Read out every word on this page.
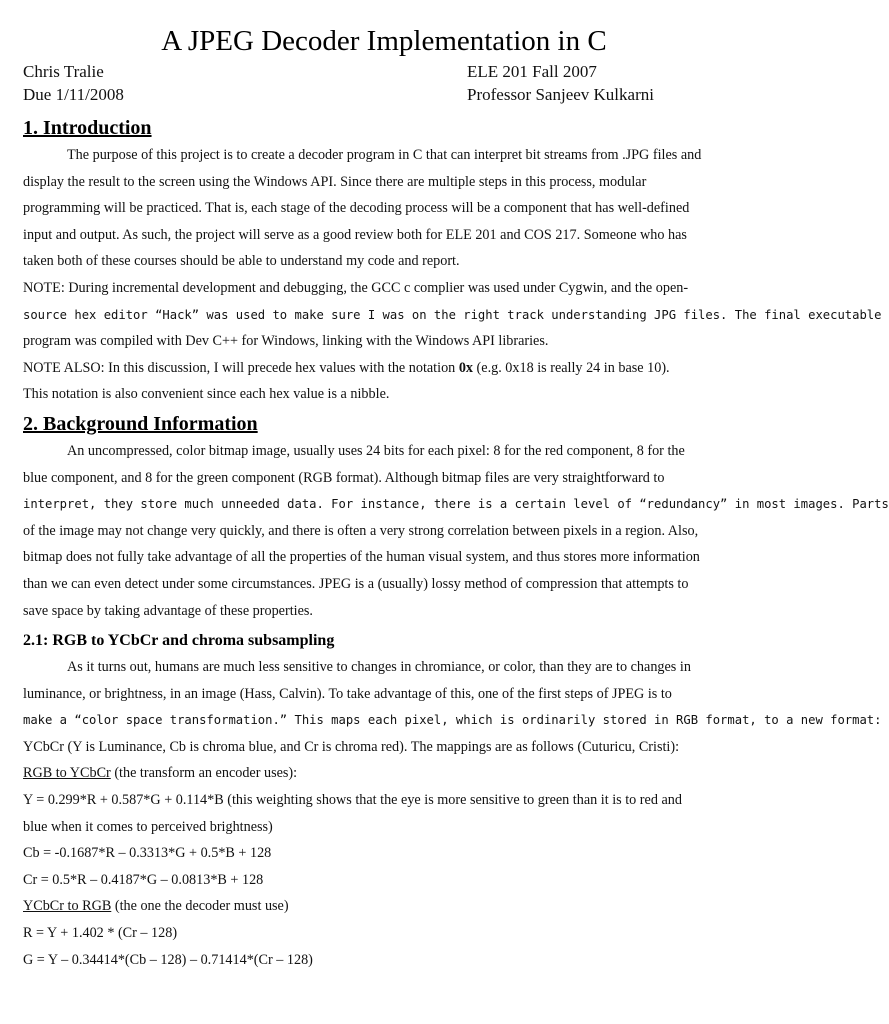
A JPEG Decoder Implementation in C
Chris Tralie
Due 1/11/2008
ELE 201 Fall 2007
Professor Sanjeev Kulkarni
1. Introduction

The purpose of this project is to create a decoder program in C that can interpret bit streams from .JPG files and

display the result to the screen using the Windows API. Since there are multiple steps in this process, modular

programming will be practiced. That is, each stage of the decoding process will be a component that has well-defined

input and output. As such, the project will serve as a good review both for ELE 201 and COS 217. Someone who has

taken both of these courses should be able to understand my code and report.

NOTE: During incremental development and debugging, the GCC c complier was used under Cygwin, and the open-

source hex editor “Hack” was used to make sure I was on the right track understanding JPG files. The final executable

program was compiled with Dev C++ for Windows, linking with the Windows API libraries.

NOTE ALSO: In this discussion, I will precede hex values with the notation 0x (e.g. 0x18 is really 24 in base 10).

This notation is also convenient since each hex value is a nibble.

2. Background Information

An uncompressed, color bitmap image, usually uses 24 bits for each pixel: 8 for the red component, 8 for the

blue component, and 8 for the green component (RGB format). Although bitmap files are very straightforward to

interpret, they store much unneeded data. For instance, there is a certain level of “redundancy” in most images. Parts

of the image may not change very quickly, and there is often a very strong correlation between pixels in a region. Also,

bitmap does not fully take advantage of all the properties of the human visual system, and thus stores more information

than we can even detect under some circumstances. JPEG is a (usually) lossy method of compression that attempts to

save space by taking advantage of these properties.

2.1: RGB to YCbCr and chroma subsampling

As it turns out, humans are much less sensitive to changes in chromiance, or color, than they are to changes in

luminance, or brightness, in an image (Hass, Calvin). To take advantage of this, one of the first steps of JPEG is to

make a “color space transformation.” This maps each pixel, which is ordinarily stored in RGB format, to a new format:

YCbCr (Y is Luminance, Cb is chroma blue, and Cr is chroma red). The mappings are as follows (Cuturicu, Cristi):

RGB to YCbCr (the transform an encoder uses):

Y = 0.299*R + 0.587*G + 0.114*B (this weighting shows that the eye is more sensitive to green than it is to red and

blue when it comes to perceived brightness)

Cb = -0.1687*R – 0.3313*G + 0.5*B + 128

Cr = 0.5*R – 0.4187*G – 0.0813*B + 128

YCbCr to RGB (the one the decoder must use)

R = Y + 1.402 * (Cr – 128)

G = Y – 0.34414*(Cb – 128) – 0.71414*(Cr – 128)
